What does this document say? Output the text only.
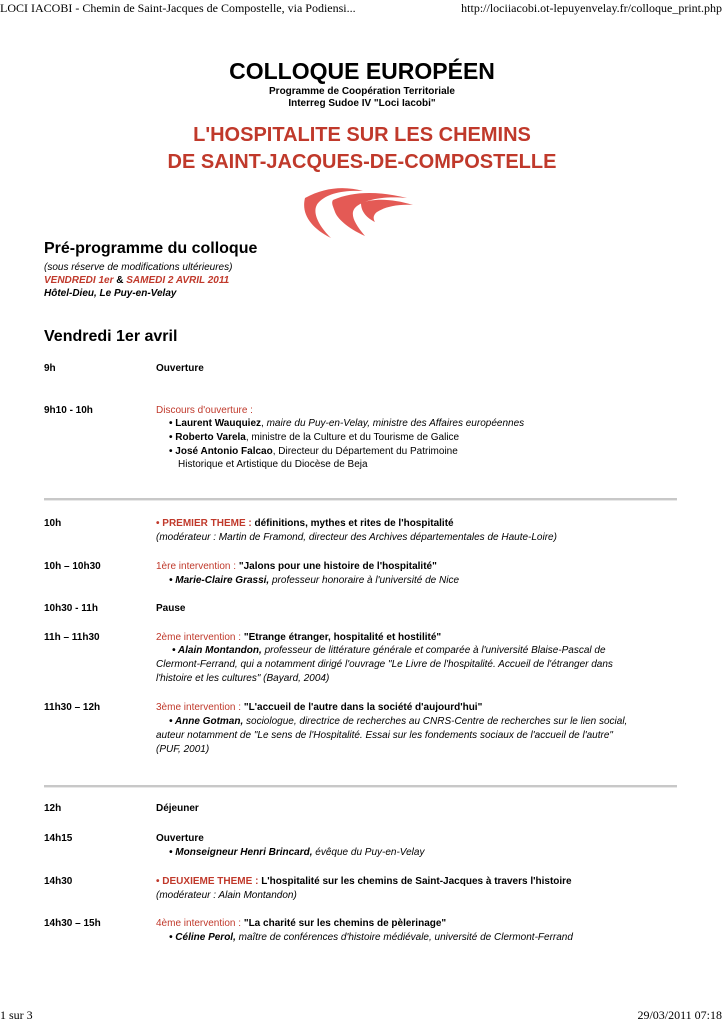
LOCI IACOBI - Chemin de Saint-Jacques de Compostelle, via Podiensi...	http://lociiacobi.ot-lepuyenvelay.fr/colloque_print.php
1 sur 3	29/03/2011 07:18
COLLOQUE EUROPÉEN
Programme de Coopération Territoriale
Interreg Sudoe IV "Loci Iacobi"
L'HOSPITALITE SUR LES CHEMINS
DE SAINT-JACQUES-DE-COMPOSTELLE
Pré-programme du colloque
(sous réserve de modifications ultérieures)
VENDREDI 1er & SAMEDI 2 AVRIL 2011
Hôtel-Dieu, Le Puy-en-Velay
Vendredi 1er avril
9h	Ouverture
9h10 - 10h	Discours d'ouverture :
• Laurent Wauquiez, maire du Puy-en-Velay, ministre des Affaires européennes
• Roberto Varela, ministre de la Culture et du Tourisme de Galice
• José Antonio Falcao, Directeur du Département du Patrimoine
Historique et Artistique du Diocèse de Beja
10h	• PREMIER THEME : définitions, mythes et rites de l'hospitalité
(modérateur : Martin de Framond, directeur des Archives départementales de Haute-Loire)
10h – 10h30	1ère intervention : "Jalons pour une histoire de l'hospitalité"
• Marie-Claire Grassi, professeur honoraire à l'université de Nice
10h30 - 11h	Pause
11h – 11h30	2ème intervention : "Etrange étranger, hospitalité et hostilité"
• Alain Montandon, professeur de littérature générale et comparée à l'université Blaise-Pascal de
Clermont-Ferrand, qui a notamment dirigé l'ouvrage "Le Livre de l'hospitalité. Accueil de l'étranger dans
l'histoire et les cultures" (Bayard, 2004)
11h30 – 12h	3ème intervention : "L'accueil de l'autre dans la société d'aujourd'hui"
• Anne Gotman, sociologue, directrice de recherches au CNRS-Centre de recherches sur le lien social,
auteur notamment de "Le sens de l'Hospitalité. Essai sur les fondements sociaux de l'accueil de l'autre"
(PUF, 2001)
12h	Déjeuner
14h15	Ouverture
• Monseigneur Henri Brincard, évêque du Puy-en-Velay
14h30	• DEUXIEME THEME : L'hospitalité sur les chemins de Saint-Jacques à travers l'histoire
(modérateur : Alain Montandon)
14h30 – 15h	4ème intervention : "La charité sur les chemins de pèlerinage"
• Céline Perol, maître de conférences d'histoire médiévale, université de Clermont-Ferrand
